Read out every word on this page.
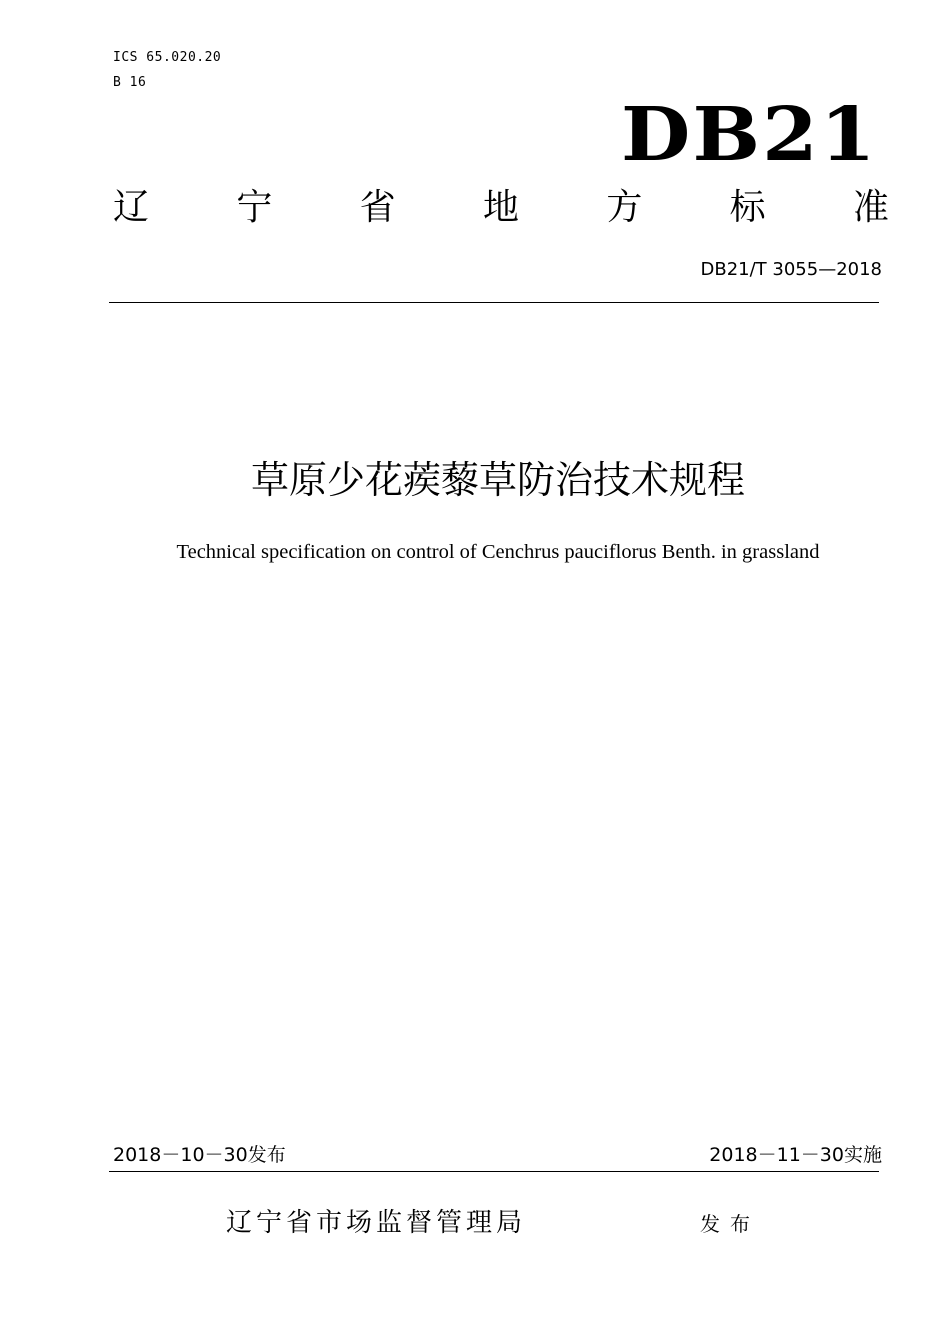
ICS 65.020.20
B 16
DB21
辽 宁 省 地 方 标 准
DB21/T 3055—2018
草原少花蒺藜草防治技术规程
Technical specification on control of Cenchrus pauciflorus Benth. in grassland
2018－10－30发布	2018－11－30实施
辽宁省市场监督管理局	发布
